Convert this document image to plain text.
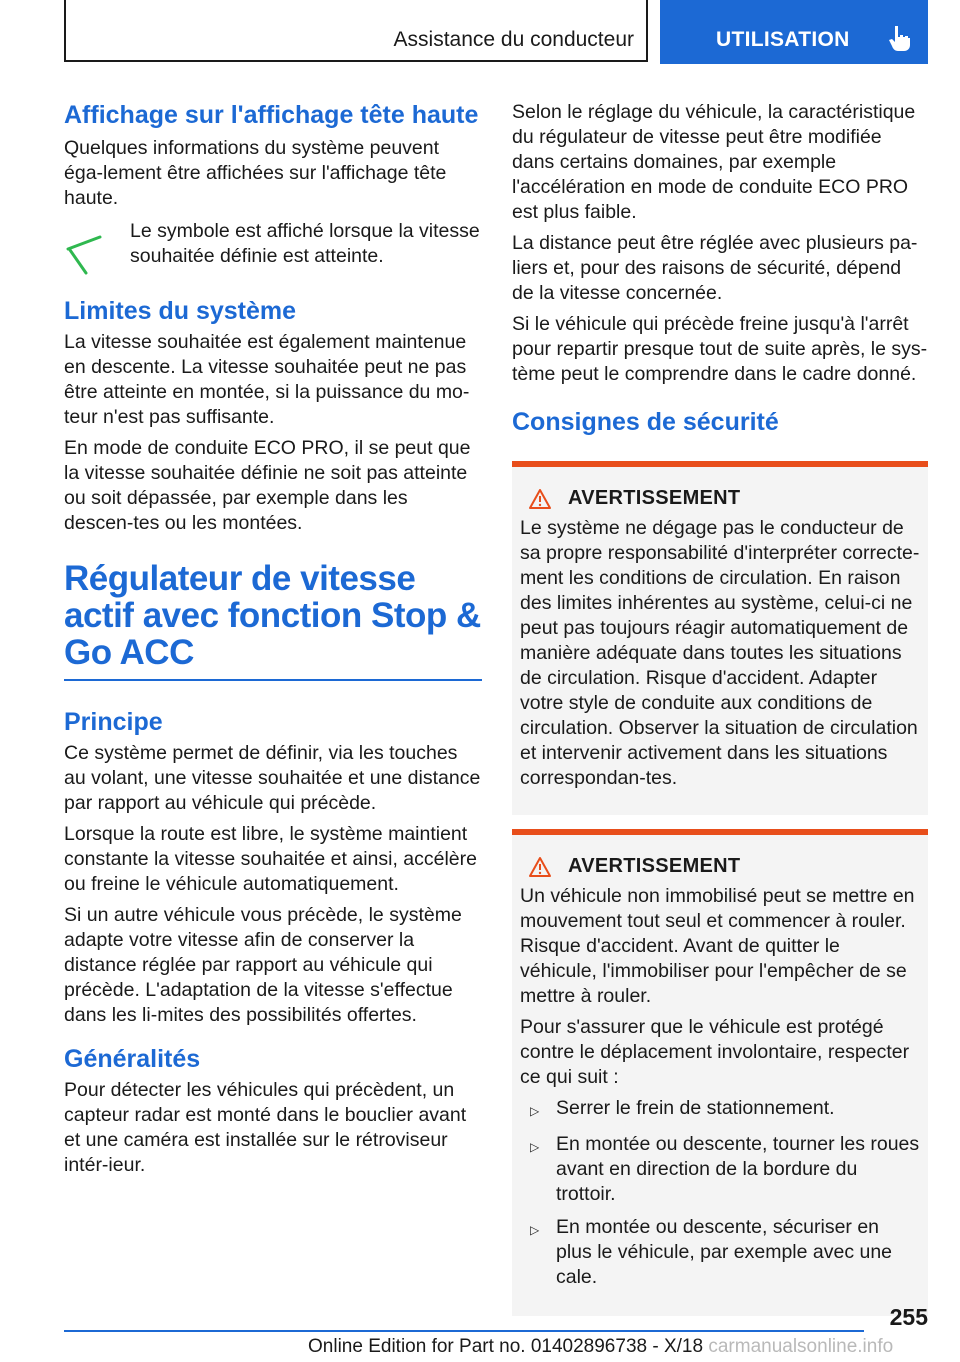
Assistance du conducteur	UTILISATION
Affichage sur l'affichage tête haute

Quelques informations du système peuvent éga-lement être affichées sur l'affichage tête haute.

Le symbole est affiché lorsque la vitesse souhaitée définie est atteinte.

Limites du système

La vitesse souhaitée est également maintenue en descente. La vitesse souhaitée peut ne pas être atteinte en montée, si la puissance du mo-teur n'est pas suffisante.

En mode de conduite ECO PRO, il se peut que la vitesse souhaitée définie ne soit pas atteinte ou soit dépassée, par exemple dans les descen-tes ou les montées.

Régulateur de vitesse actif avec fonction Stop & Go ACC
Principe

Ce système permet de définir, via les touches au volant, une vitesse souhaitée et une distance par rapport au véhicule qui précède.

Lorsque la route est libre, le système maintient constante la vitesse souhaitée et ainsi, accélère ou freine le véhicule automatiquement.

Si un autre véhicule vous précède, le système adapte votre vitesse afin de conserver la distance réglée par rapport au véhicule qui précède. L'adaptation de la vitesse s'effectue dans les li-mites des possibilités offertes.

Généralités

Pour détecter les véhicules qui précèdent, un capteur radar est monté dans le bouclier avant et une caméra est installée sur le rétroviseur intér-ieur.

Selon le réglage du véhicule, la caractéristique du régulateur de vitesse peut être modifiée dans certains domaines, par exemple l'accélération en mode de conduite ECO PRO est plus faible.

La distance peut être réglée avec plusieurs pa-liers et, pour des raisons de sécurité, dépend de la vitesse concernée.

Si le véhicule qui précède freine jusqu'à l'arrêt pour repartir presque tout de suite après, le sys-tème peut le comprendre dans le cadre donné.

Consignes de sécurité
AVERTISSEMENT

Le système ne dégage pas le conducteur de sa propre responsabilité d'interpréter correcte-ment les conditions de circulation. En raison des limites inhérentes au système, celui-ci ne peut pas toujours réagir automatiquement de manière adéquate dans toutes les situations de circulation. Risque d'accident. Adapter votre style de conduite aux conditions de circulation. Observer la situation de circulation et intervenir activement dans les situations correspondan-tes.

AVERTISSEMENT

Un véhicule non immobilisé peut se mettre en mouvement tout seul et commencer à rouler. Risque d'accident. Avant de quitter le véhicule, l'immobiliser pour l'empêcher de se mettre à rouler.

Pour s'assurer que le véhicule est protégé contre le déplacement involontaire, respecter ce qui suit :

▷ Serrer le frein de stationnement.
▷ En montée ou descente, tourner les roues avant en direction de la bordure du trottoir.
▷ En montée ou descente, sécuriser en plus le véhicule, par exemple avec une cale.
255
Online Edition for Part no. 01402896738 - X/18 carmanualsonline.info
